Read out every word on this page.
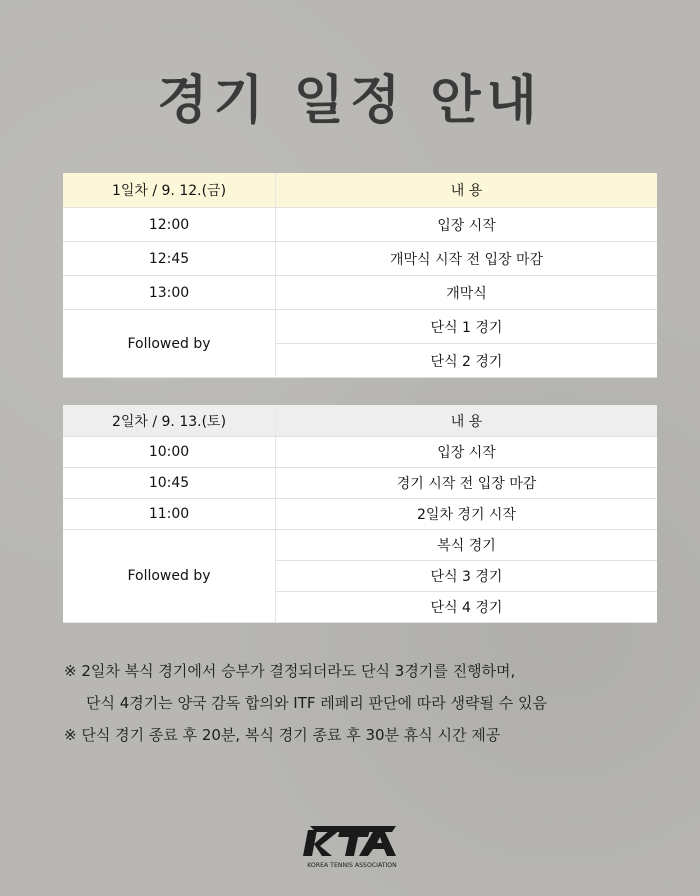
경기 일정 안내
1일차 / 9. 12.(금)	내 용
12:00	입장 시작
12:45	개막식 시작 전 입장 마감
13:00	개막식
Followed by	단식 1 경기
	단식 2 경기
2일차 / 9. 13.(토)	내 용
10:00	입장 시작
10:45	경기 시작 전 입장 마감
11:00	2일차 경기 시작
Followed by	복식 경기
	단식 3 경기
	단식 4 경기
※ 2일차 복식 경기에서 승부가 결정되더라도 단식 3경기를 진행하며,
단식 4경기는 양국 감독 합의와 ITF 레페리 판단에 따라 생략될 수 있음
※ 단식 경기 종료 후 20분, 복식 경기 종료 후 30분 휴식 시간 제공
KOREA TENNIS ASSOCIATION
